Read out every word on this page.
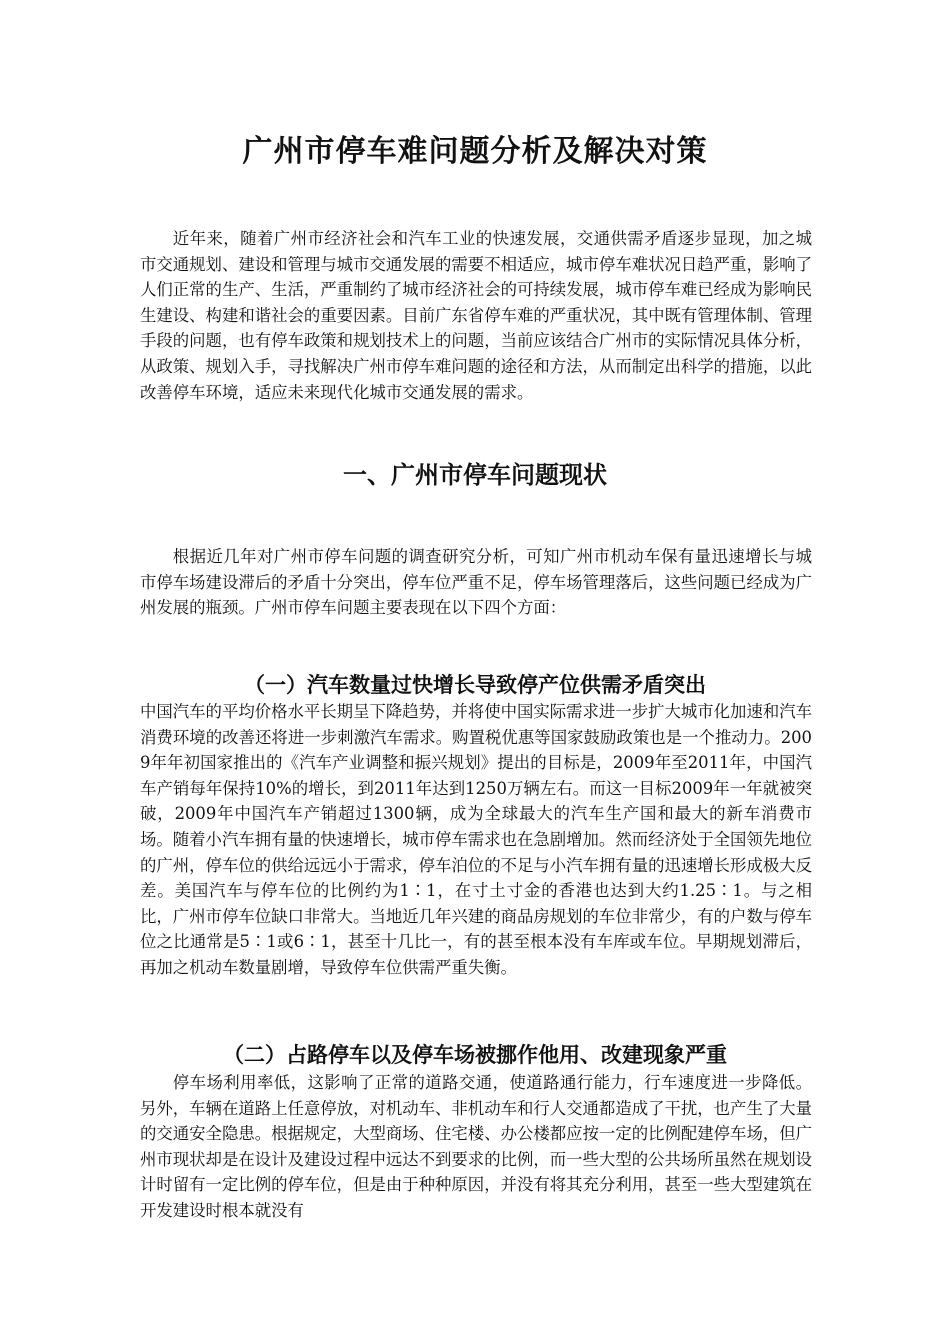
广州市停车难问题分析及解决对策

近年来，随着广州市经济社会和汽车工业的快速发展，交通供需矛盾逐步显现，加之城市交通规划、建设和管理与城市交通发展的需要不相适应，城市停车难状况日趋严重，影响了人们正常的生产、生活，严重制约了城市经济社会的可持续发展，城市停车难已经成为影响民生建设、构建和谐社会的重要因素。目前广东省停车难的严重状况，其中既有管理体制、管理手段的问题，也有停车政策和规划技术上的问题，当前应该结合广州市的实际情况具体分析，从政策、规划入手，寻找解决广州市停车难问题的途径和方法，从而制定出科学的措施，以此改善停车环境，适应未来现代化城市交通发展的需求。

一、广州市停车问题现状

根据近几年对广州市停车问题的调查研究分析，可知广州市机动车保有量迅速增长与城市停车场建设滞后的矛盾十分突出，停车位严重不足，停车场管理落后，这些问题已经成为广州发展的瓶颈。广州市停车问题主要表现在以下四个方面：

（一）汽车数量过快增长导致停产位供需矛盾突出

中国汽车的平均价格水平长期呈下降趋势，并将使中国实际需求进一步扩大城市化加速和汽车消费环境的改善还将进一步刺激汽车需求。购置税优惠等国家鼓励政策也是一个推动力。2009年年初国家推出的《汽车产业调整和振兴规划》提出的目标是，2009年至2011年，中国汽车产销每年保持10%的增长，到2011年达到1250万辆左右。而这一目标2009年一年就被突破，2009年中国汽车产销超过1300辆，成为全球最大的汽车生产国和最大的新车消费市场。随着小汽车拥有量的快速增长，城市停车需求也在急剧增加。然而经济处于全国领先地位的广州，停车位的供给远远小于需求，停车泊位的不足与小汽车拥有量的迅速增长形成极大反差。美国汽车与停车位的比例约为1∶1，在寸土寸金的香港也达到大约1.25∶1。与之相比，广州市停车位缺口非常大。当地近几年兴建的商品房规划的车位非常少，有的户数与停车位之比通常是5∶1或6∶1，甚至十几比一，有的甚至根本没有车库或车位。早期规划滞后，再加之机动车数量剧增，导致停车位供需严重失衡。

（二）占路停车以及停车场被挪作他用、改建现象严重

停车场利用率低，这影响了正常的道路交通，使道路通行能力，行车速度进一步降低。另外，车辆在道路上任意停放，对机动车、非机动车和行人交通都造成了干扰，也产生了大量的交通安全隐患。根据规定，大型商场、住宅楼、办公楼都应按一定的比例配建停车场，但广州市现状却是在设计及建设过程中远达不到要求的比例，而一些大型的公共场所虽然在规划设计时留有一定比例的停车位，但是由于种种原因，并没有将其充分利用，甚至一些大型建筑在开发建设时根本就没有
